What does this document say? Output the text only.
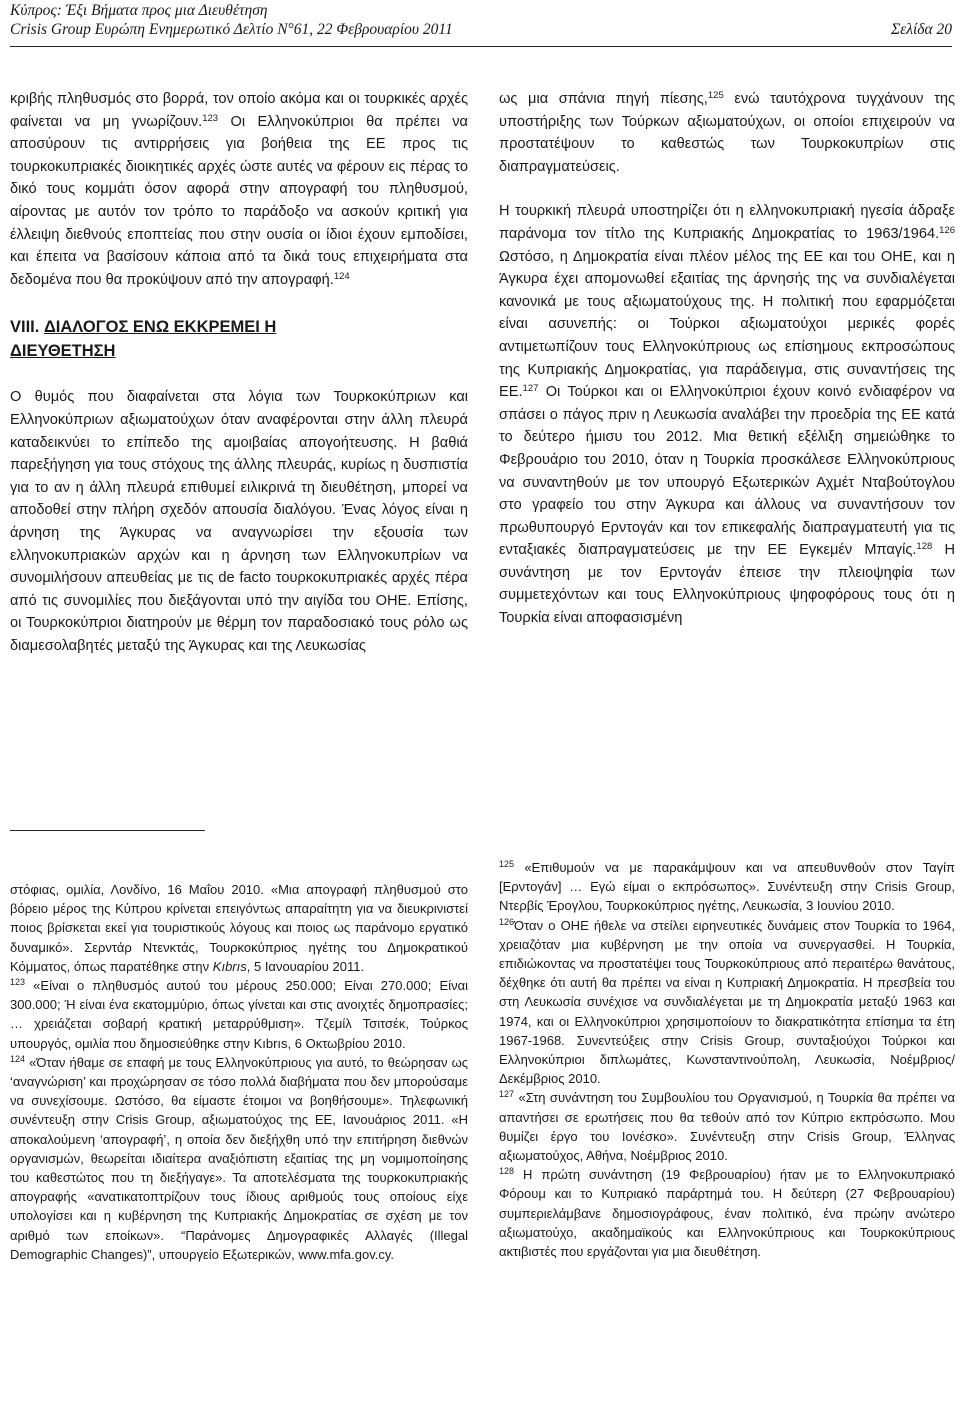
Κύπρος: Έξι Βήματα προς μια Διευθέτηση
Crisis Group Ευρώπη Ενημερωτικό Δελτίο Ν°61, 22 Φεβρουαρίου 2011	Σελίδα 20

κριβής πληθυσμός στο βορρά, τον οποίο ακόμα και οι τουρκικές αρχές φαίνεται να μη γνωρίζουν.$^{123}$ Οι Ελληνοκύπριοι θα πρέπει να αποσύρουν τις αντιρρήσεις για βοήθεια της ΕΕ προς τις τουρκοκυπριακές διοικητικές αρχές ώστε αυτές να φέρουν εις πέρας το δικό τους κομμάτι όσον αφορά στην απογραφή του πληθυσμού, αίροντας με αυτόν τον τρόπο το παράδοξο να ασκούν κριτική για έλλειψη διεθνούς εποπτείας που στην ουσία οι ίδιοι έχουν εμποδίσει, και έπειτα να βασίσουν κάποια από τα δικά τους επιχειρήματα στα δεδομένα που θα προκύψουν από την απογραφή.$^{124}$

VIII. ΔΙΑΛΟΓΟΣ ΕΝΩ ΕΚΚΡΕΜΕΙ Η
ΔΙΕΥΘΕΤΗΣΗ

Ο θυμός που διαφαίνεται στα λόγια των Τουρκοκύπριων και Ελληνοκύπριων αξιωματούχων όταν αναφέρονται στην άλλη πλευρά καταδεικνύει το επίπεδο της αμοιβαίας απογοήτευσης. Η βαθιά παρεξήγηση για τους στόχους της άλλης πλευράς, κυρίως η δυσπιστία για το αν η άλλη πλευρά επιθυμεί ειλικρινά τη διευθέτηση, μπορεί να αποδοθεί στην πλήρη σχεδόν απουσία διαλόγου. Ένας λόγος είναι η άρνηση της Άγκυρας να αναγνωρίσει την εξουσία των ελληνοκυπριακών αρχών και η άρνηση των Ελληνοκυπρίων να συνομιλήσουν απευθείας με τις de facto τουρκοκυπριακές αρχές πέρα από τις συνομιλίες που διεξάγονται υπό την αιγίδα του ΟΗΕ. Επίσης, οι Τουρκοκύπριοι διατηρούν με θέρμη τον παραδοσιακό τους ρόλο ως διαμεσολαβητές μεταξύ της Άγκυρας και της Λευκωσίας

ως μια σπάνια πηγή πίεσης,$^{125}$ ενώ ταυτόχρονα τυγχάνουν της υποστήριξης των Τούρκων αξιωματούχων, οι οποίοι επιχειρούν να προστατέψουν το καθεστώς των Τουρκοκυπρίων στις διαπραγματεύσεις.

Η τουρκική πλευρά υποστηρίζει ότι η ελληνοκυπριακή ηγεσία άδραξε παράνομα τον τίτλο της Κυπριακής Δημοκρατίας το 1963/1964.$^{126}$ Ωστόσο, η Δημοκρατία είναι πλέον μέλος της ΕΕ και του ΟΗΕ, και η Άγκυρα έχει απομονωθεί εξαιτίας της άρνησής της να συνδιαλέγεται κανονικά με τους αξιωματούχους της. Η πολιτική που εφαρμόζεται είναι ασυνεπής: οι Τούρκοι αξιωματούχοι μερικές φορές αντιμετωπίζουν τους Ελληνοκύπριους ως επίσημους εκπροσώπους της Κυπριακής Δημοκρατίας, για παράδειγμα, στις συναντήσεις της ΕΕ.$^{127}$ Οι Τούρκοι και οι Ελληνοκύπριοι έχουν κοινό ενδιαφέρον να σπάσει ο πάγος πριν η Λευκωσία αναλάβει την προεδρία της ΕΕ κατά το δεύτερο ήμισυ του 2012. Μια θετική εξέλιξη σημειώθηκε το Φεβρουάριο του 2010, όταν η Τουρκία προσκάλεσε Ελληνοκύπριους να συναντηθούν με τον υπουργό Εξωτερικών Αχμέτ Νταβούτογλου στο γραφείο του στην Άγκυρα και άλλους να συναντήσουν τον πρωθυπουργό Ερντογάν και τον επικεφαλής διαπραγματευτή για τις ενταξιακές διαπραγματεύσεις με την ΕΕ Εγκεμέν Μπαγίς.$^{128}$ Η συνάντηση με τον Ερντογάν έπεισε την πλειοψηφία των συμμετεχόντων και τους Ελληνοκύπριους ψηφοφόρους τους ότι η Τουρκία είναι αποφασισμένη

στόφιας, ομιλία, Λονδίνο, 16 Μαΐου 2010. «Μια απογραφή πληθυσμού στο βόρειο μέρος της Κύπρου κρίνεται επειγόντως απαραίτητη για να διευκρινιστεί ποιος βρίσκεται εκεί για τουριστικούς λόγους και ποιος ως παράνομο εργατικό δυναμικό». Σερντάρ Ντενκτάς, Τουρκοκύπριος ηγέτης του Δημοκρατικού Κόμματος, όπως παρατέθηκε στην Kıbrıs, 5 Ιανουαρίου 2011.

$^{123}$ «Είναι ο πληθυσμός αυτού του μέρους 250.000; Είναι 270.000; Είναι 300.000; Ή είναι ένα εκατομμύριο, όπως γίνεται και στις ανοιχτές δημοπρασίες; … χρειάζεται σοβαρή κρατική μεταρρύθμιση». Τζεμίλ Τσιτσέκ, Τούρκος υπουργός, ομιλία που δημοσιεύθηκε στην Kıbrıs, 6 Οκτωβρίου 2010.

$^{124}$ «Όταν ήθαμε σε επαφή με τους Ελληνοκύπριους για αυτό, το θεώρησαν ως ‘αναγνώριση’ και προχώρησαν σε τόσο πολλά διαβήματα που δεν μπορούσαμε να συνεχίσουμε. Ωστόσο, θα είμαστε έτοιμοι να βοηθήσουμε». Τηλεφωνική συνέντευξη στην Crisis Group, αξιωματούχος της ΕΕ, Ιανουάριος 2011. «Η αποκαλούμενη ‘απογραφή’, η οποία δεν διεξήχθη υπό την επιτήρηση διεθνών οργανισμών, θεωρείται ιδιαίτερα αναξιόπιστη εξαιτίας της μη νομιμοποίησης του καθεστώτος που τη διεξήγαγε». Τα αποτελέσματα της τουρκοκυπριακής απογραφής «ανατικατοπτρίζουν τους ίδιους αριθμούς τους οποίους είχε υπολογίσει και η κυβέρνηση της Κυπριακής Δημοκρατίας σε σχέση με τον αριθμό των εποίκων». “Παράνομες Δημογραφικές Αλλαγές (Illegal Demographic Changes)”, υπουργείο Εξωτερικών, www.mfa.gov.cy.

$^{125}$ «Επιθυμούν να με παρακάμψουν και να απευθυνθούν στον Ταγίπ [Ερντογάν] … Εγώ είμαι ο εκπρόσωπος». Συνέντευξη στην Crisis Group, Ντερβίς Έρογλου, Τουρκοκύπριος ηγέτης, Λευκωσία, 3 Ιουνίου 2010.

$^{126}$Όταν ο ΟΗΕ ήθελε να στείλει ειρηνευτικές δυνάμεις στον Τουρκία το 1964, χρειαζόταν μια κυβέρνηση με την οποία να συνεργασθεί. Η Τουρκία, επιδιώκοντας να προστατέψει τους Τουρκοκύπριους από περαιτέρω θανάτους, δέχθηκε ότι αυτή θα πρέπει να είναι η Κυπριακή Δημοκρατία. Η πρεσβεία του στη Λευκωσία συνέχισε να συνδιαλέγεται με τη Δημοκρατία μεταξύ 1963 και 1974, και οι Ελληνοκύπριοι χρησιμοποίουν το διακρατικότητα επίσημα τα έτη 1967-1968. Συνεντεύξεις στην Crisis Group, συνταξιούχοι Τούρκοι και Ελληνοκύπριοι διπλωμάτες, Κωνσταντινούπολη, Λευκωσία, Νοέμβριος/Δεκέμβριος 2010.

$^{127}$ «Στη συνάντηση του Συμβουλίου του Οργανισμού, η Τουρκία θα πρέπει να απαντήσει σε ερωτήσεις που θα τεθούν από τον Κύπριο εκπρόσωπο. Μου θυμίζει έργο του Ιονέσκο». Συνέντευξη στην Crisis Group, Έλληνας αξιωματούχος, Αθήνα, Νοέμβριος 2010.

$^{128}$ Η πρώτη συνάντηση (19 Φεβρουαρίου) ήταν με το Ελληνοκυπριακό Φόρουμ και το Κυπριακό παράρτημά του. Η δεύτερη (27 Φεβρουαρίου) συμπεριελάμβανε δημοσιογράφους, έναν πολιτικό, ένα πρώην ανώτερο αξιωματούχο, ακαδημαϊκούς και Ελληνοκύπριους και Τουρκοκύπριους ακτιβιστές που εργάζονται για μια διευθέτηση.
